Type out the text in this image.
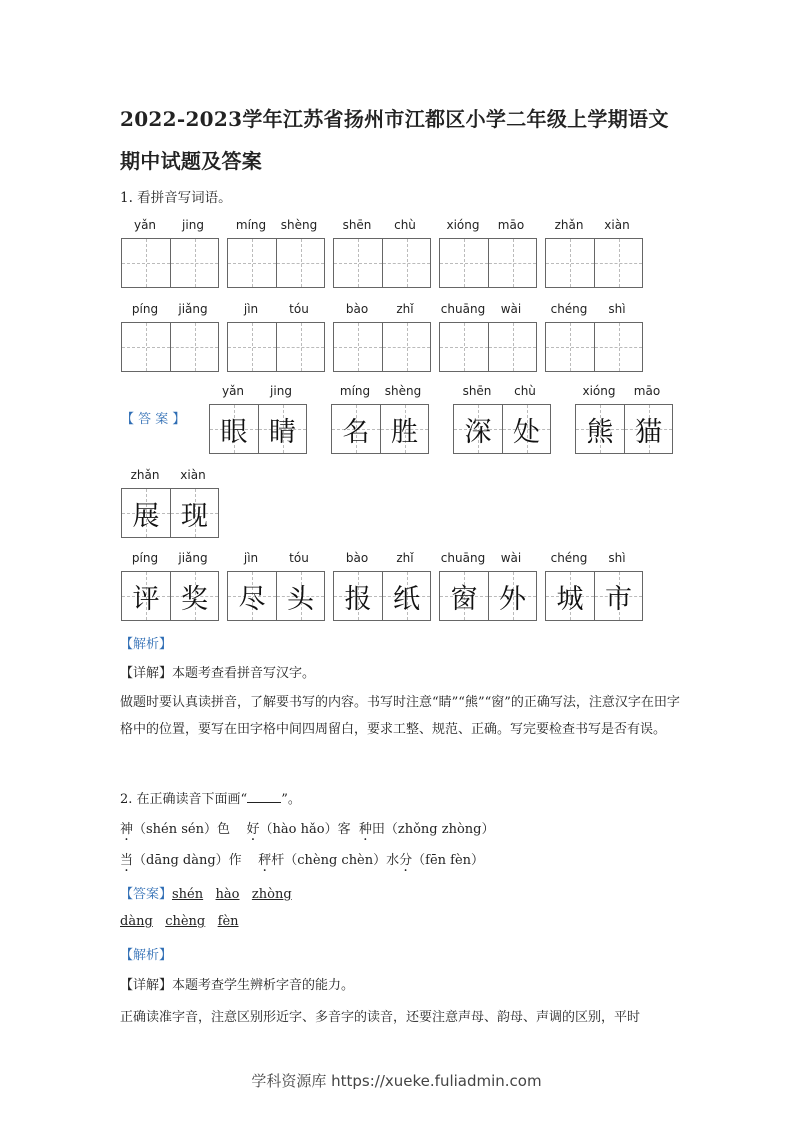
2022-2023学年江苏省扬州市江都区小学二年级上学期语文
期中试题及答案
1. 看拼音写词语。
yǎn	jing	míng	shèng	shēn	chù	xióng	māo	zhǎn	xiàn
píng	jiǎng	jìn	tóu	bào	zhǐ	chuāng	wài	chéng	shì
【 答 案 】
yǎn	jing
眼 睛
míng	shèng
名 胜
shēn	chù
深 处
xióng	māo
熊 猫
zhǎn	xiàn
展 现
píng	jiǎng
评 奖
jìn	tóu
尽 头
bào	zhǐ
报 纸
chuāng	wài
窗 外
chéng	shì
城 市
【解析】
【详解】本题考查看拼音写汉字。
做题时要认真读拼音，了解要书写的内容。书写时注意“睛”“熊”“窗”的正确写法，注意汉字在田字格中的位置，要写在田字格中间四周留白，要求工整、规范、正确。写完要检查书写是否有误。
2. 在正确读音下面画“	”。
神（shén sén）色 好（hào hǎo）客 种田（zhǒng zhòng）
当（dāng dàng）作 秤杆（chèng chèn）水分（fēn fèn）
【答案】shén hào zhòng
dàng chèng fèn
【解析】
【详解】本题考查学生辨析字音的能力。
正确读准字音，注意区别形近字、多音字的读音，还要注意声母、韵母、声调的区别，平时
学科资源库 https://xueke.fuliadmin.com
